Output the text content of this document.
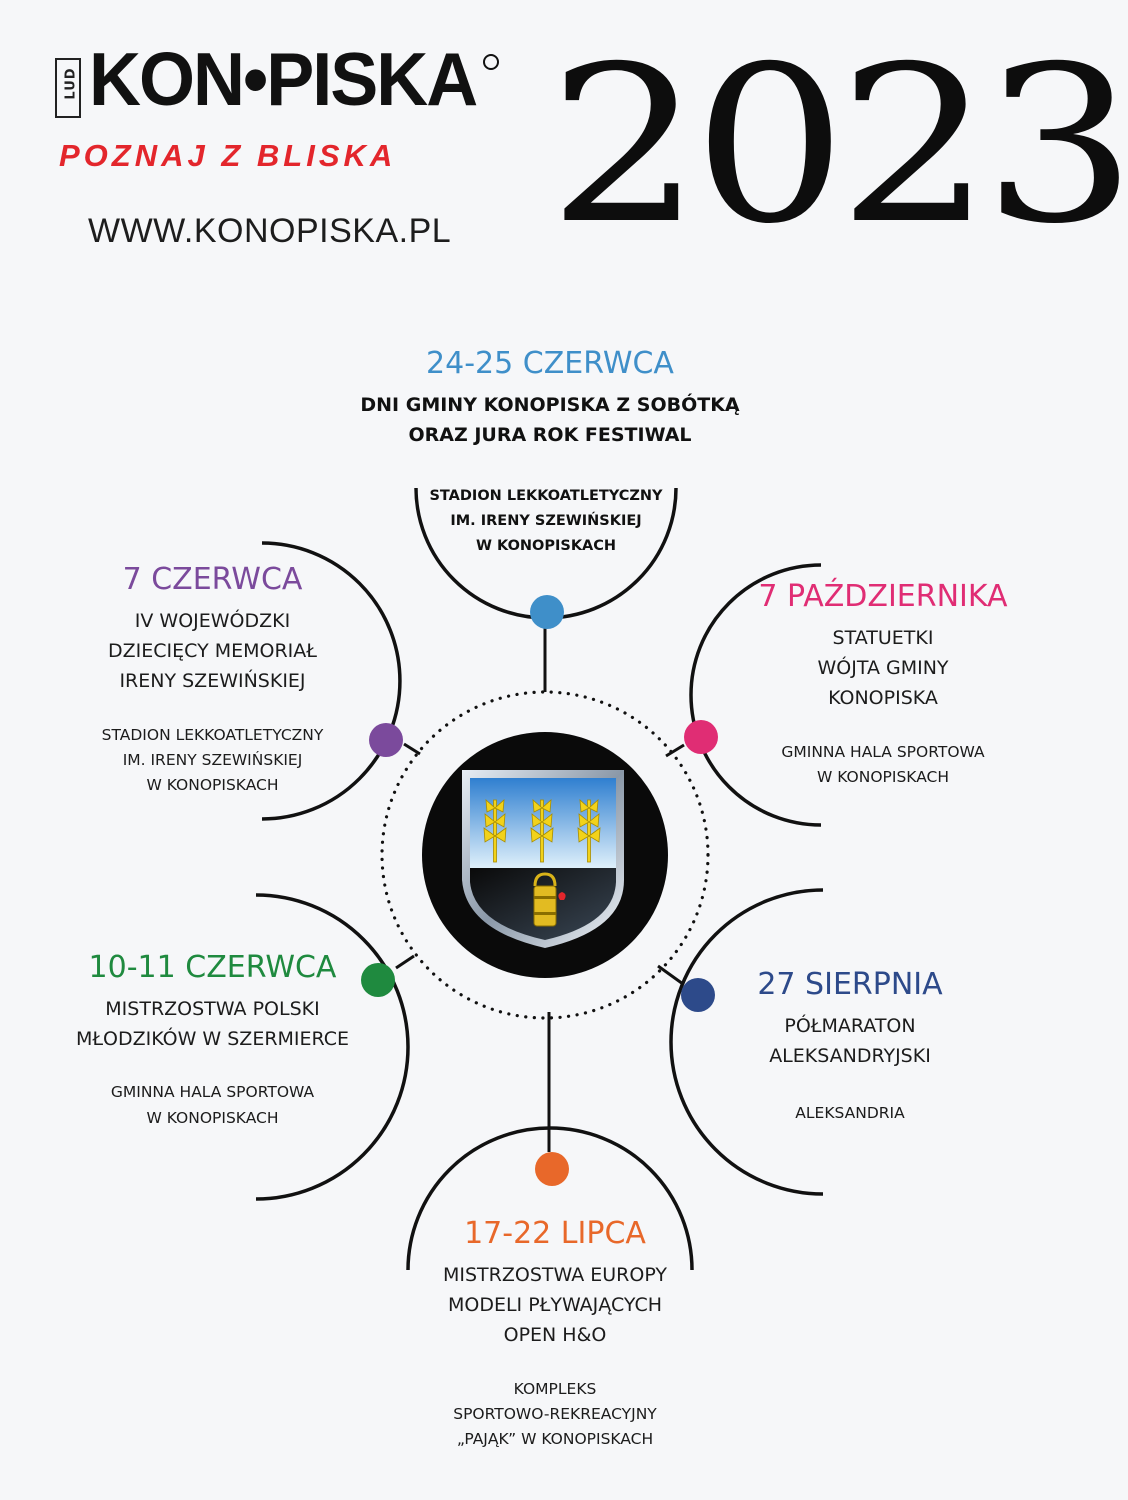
LUD KON•PISKA
POZNAJ Z BLISKA
WWW.KONOPISKA.PL 2023
24-25 CZERWCA
DNI GMINY KONOPISKA Z SOBÓTKĄ
ORAZ JURA ROK FESTIWAL
STADION LEKKOATLETYCZNY
IM. IRENY SZEWIŃSKIEJ
W KONOPISKACH
7 CZERWCA
IV WOJEWÓDZKI
DZIECIĘCY MEMORIAŁ
IRENY SZEWIŃSKIEJ
STADION LEKKOATLETYCZNY
IM. IRENY SZEWIŃSKIEJ
W KONOPISKACH
7 PAŹDZIERNIKA
STATUETKI
WÓJTA GMINY
KONOPISKA
GMINNA HALA SPORTOWA
W KONOPISKACH
10-11 CZERWCA
MISTRZOSTWA POLSKI
MŁODZIKÓW W SZERMIERCE
GMINNA HALA SPORTOWA
W KONOPISKACH
27 SIERPNIA
PÓŁMARATON
ALEKSANDRYJSKI
ALEKSANDRIA
17-22 LIPCA
MISTRZOSTWA EUROPY
MODELI PŁYWAJĄCYCH
OPEN H&O
KOMPLEKS
SPORTOWO-REKREACYJNY
„PAJĄK” W KONOPISKACH
